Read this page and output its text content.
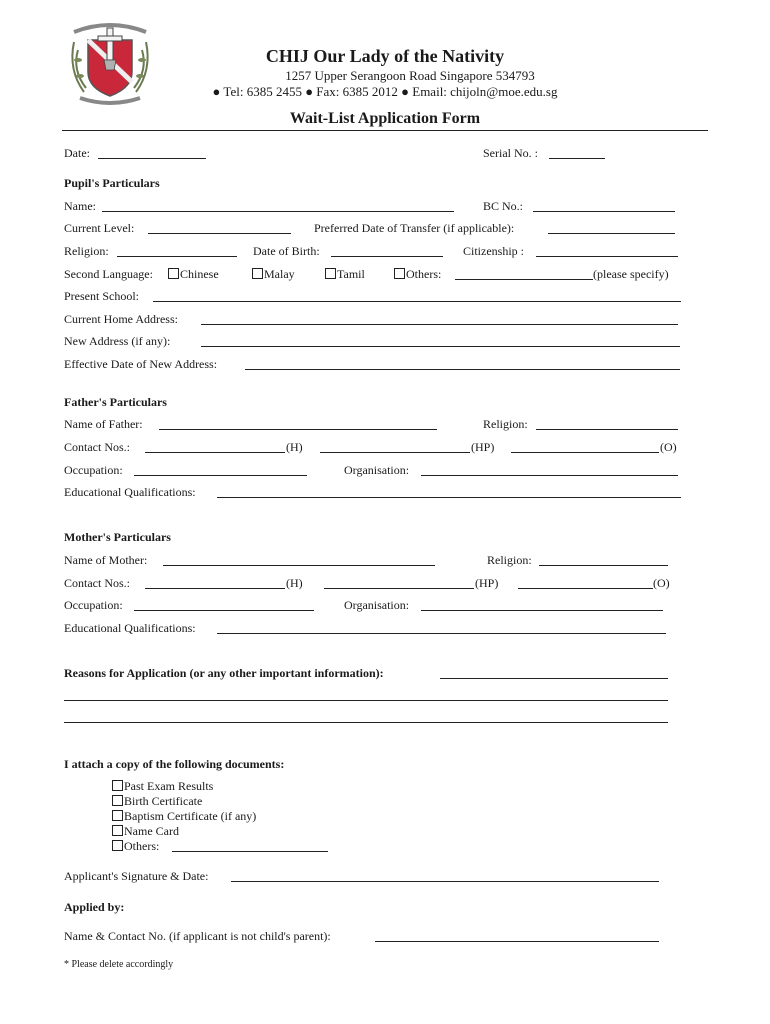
CHIJ Our Lady of the Nativity
1257 Upper Serangoon Road Singapore 534793
● Tel: 6385 2455 ● Fax: 6385 2012 ● Email: chijoln@moe.edu.sg
Wait-List Application Form
Date:	Serial No. :
Pupil's Particulars
Name:	BC No.:
Current Level:	Preferred Date of Transfer (if applicable):
Religion:	Date of Birth:	Citizenship :
Second Language:	Chinese	Malay	Tamil	Others:	(please specify)
Present School:
Current Home Address:
New Address (if any):
Effective Date of New Address:
Father's Particulars
Name of Father:	Religion:
Contact Nos.:	(H)	(HP)	(O)
Occupation:	Organisation:
Educational Qualifications:
Mother's Particulars
Name of Mother:	Religion:
Contact Nos.:	(H)	(HP)	(O)
Occupation:	Organisation:
Educational Qualifications:
Reasons for Application (or any other important information):
I attach a copy of the following documents:
Past Exam Results
Birth Certificate
Baptism Certificate (if any)
Name Card
Others:
Applicant's Signature & Date:
Applied by:
Name & Contact No. (if applicant is not child's parent):
* Please delete accordingly
